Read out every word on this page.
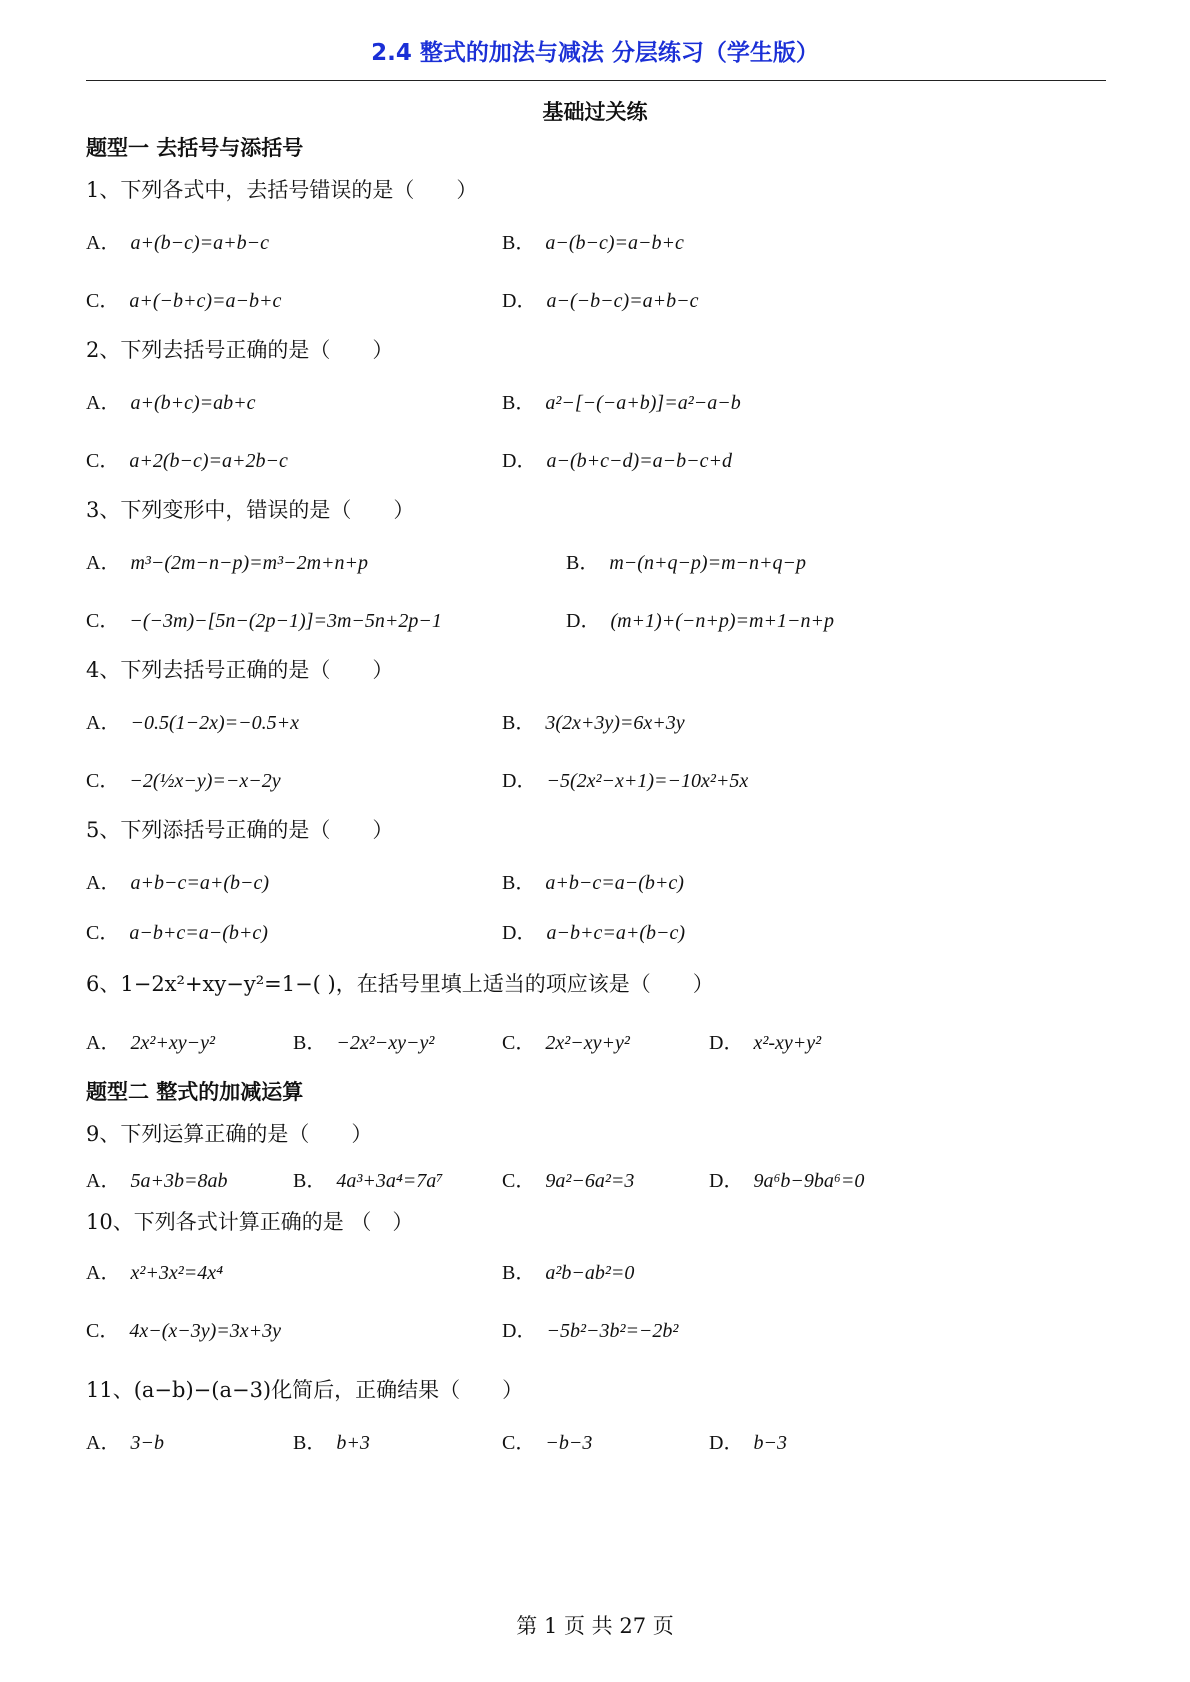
2.4 整式的加法与减法 分层练习（学生版）
基础过关练
题型一 去括号与添括号
1、下列各式中，去括号错误的是（　　）
A． a+(b−c)=a+b−c	B． a−(b−c)=a−b+c
C． a+(−b+c)=a−b+c	D． a−(−b−c)=a+b−c
2、下列去括号正确的是（　　）
A． a+(b+c)=ab+c	B． a²−[−(−a+b)]=a²−a−b
C． a+2(b−c)=a+2b−c	D． a−(b+c−d)=a−b−c+d
3、下列变形中，错误的是（　　）
A． m³−(2m−n−p)=m³−2m+n+p	B． m−(n+q−p)=m−n+q−p
C． −(−3m)−[5n−(2p−1)]=3m−5n+2p−1	D． (m+1)+(−n+p)=m+1−n+p
4、下列去括号正确的是（　　）
A． −0.5(1−2x)=−0.5+x	B． 3(2x+3y)=6x+3y
C． −2(½x−y)=−x−2y	D． −5(2x²−x+1)=−10x²+5x
5、下列添括号正确的是（　　）
A． a+b−c=a+(b−c)	B． a+b−c=a−(b+c)
C． a−b+c=a−(b+c)	D． a−b+c=a+(b−c)
6、1−2x²+xy−y²=1−( )，在括号里填上适当的项应该是（　　）
A． 2x²+xy−y²	B． −2x²−xy−y²	C． 2x²−xy+y²	D． x²-xy+y²
题型二 整式的加减运算
9、下列运算正确的是（　　）
A． 5a+3b=8ab	B． 4a³+3a⁴=7a⁷	C． 9a²−6a²=3	D． 9a⁶b−9ba⁶=0
10、下列各式计算正确的是 （　）
A． x²+3x²=4x⁴	B． a²b−ab²=0
C． 4x−(x−3y)=3x+3y	D． −5b²−3b²=−2b²
11、(a−b)−(a−3)化简后，正确结果（　　）
A． 3−b	B． b+3	C． −b−3	D． b−3
第 1 页 共 27 页
